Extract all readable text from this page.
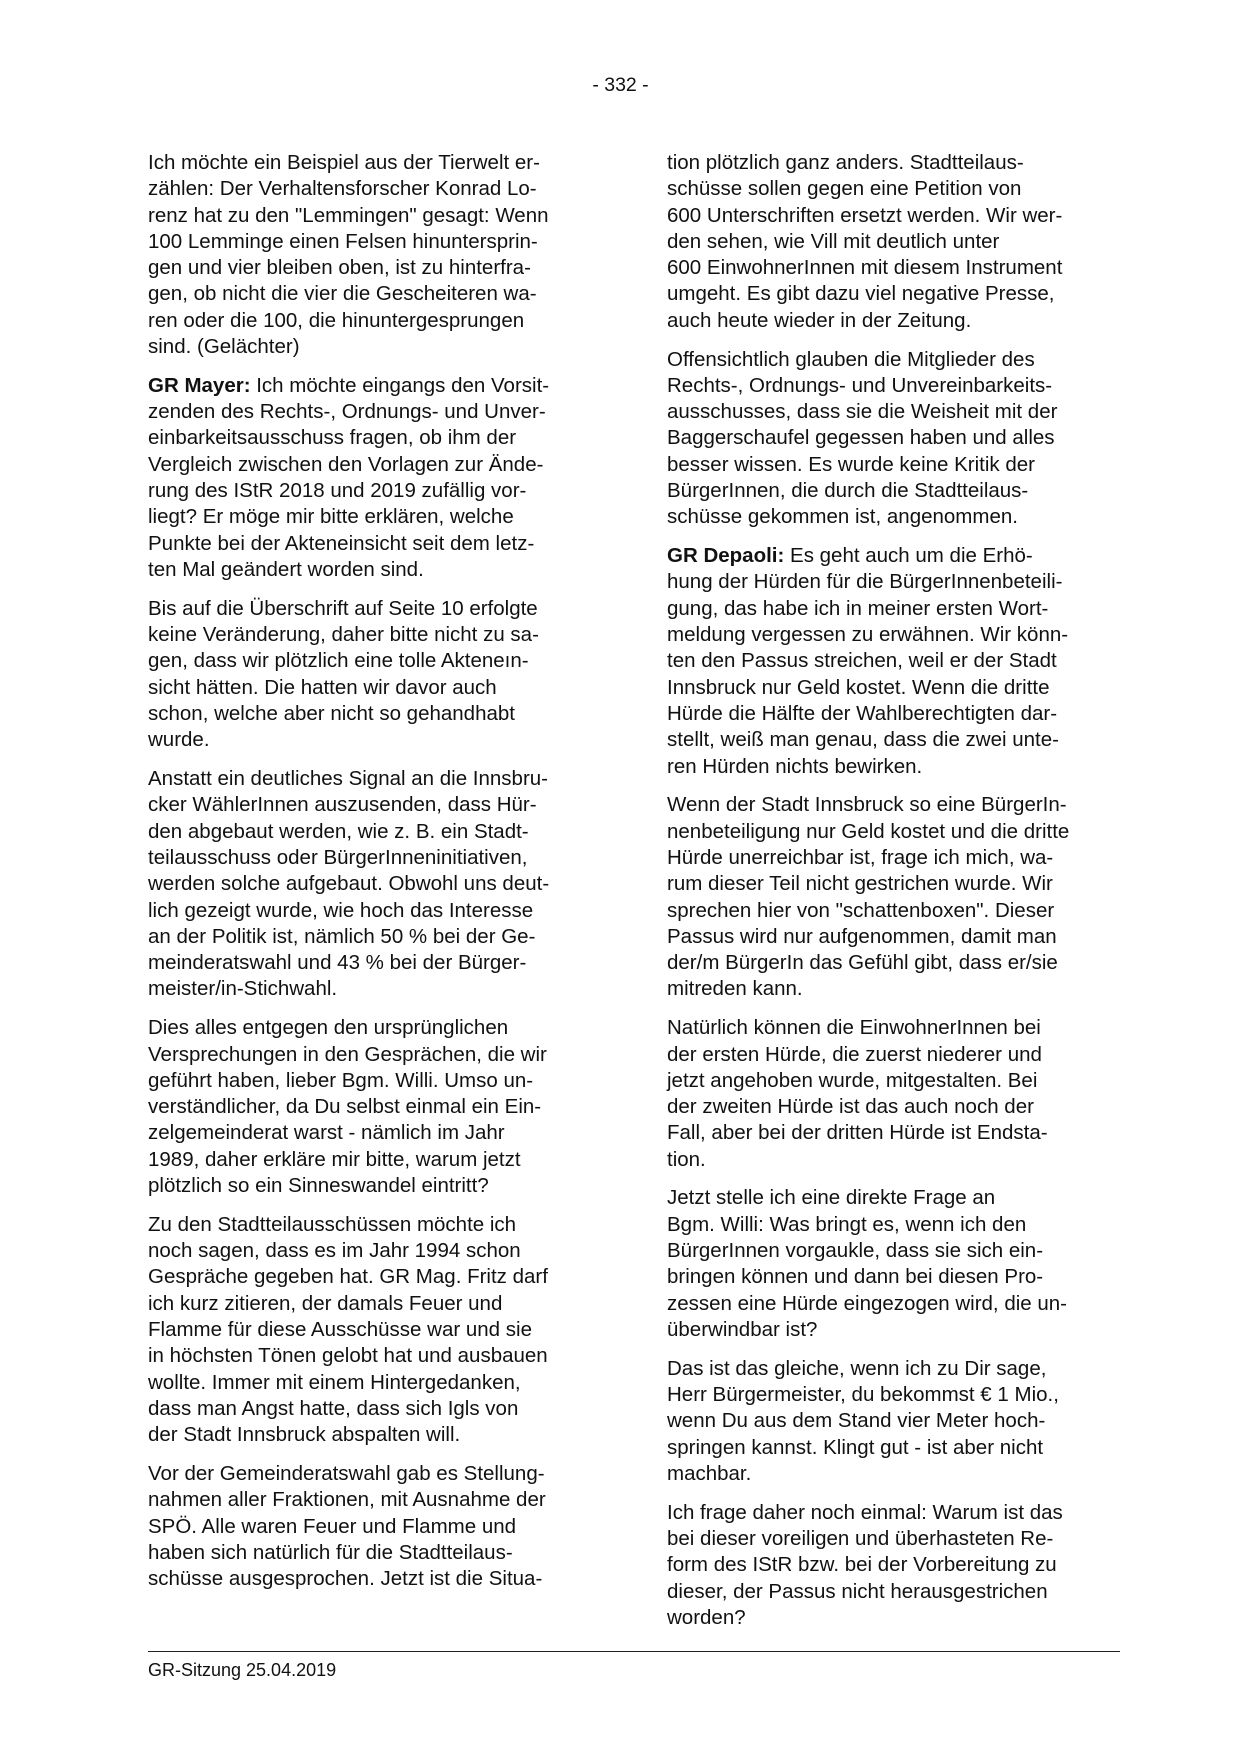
- 332 -

Ich möchte ein Beispiel aus der Tierwelt er-
zählen: Der Verhaltensforscher Konrad Lo-
renz hat zu den "Lemmingen" gesagt: Wenn
100 Lemminge einen Felsen hinuntersprin-
gen und vier bleiben oben, ist zu hinterfra-
gen, ob nicht die vier die Gescheiteren wa-
ren oder die 100, die hinuntergesprungen
sind. (Gelächter)

GR Mayer: Ich möchte eingangs den Vorsit-
zenden des Rechts-, Ordnungs- und Unver-
einbarkeitsausschuss fragen, ob ihm der
Vergleich zwischen den Vorlagen zur Ände-
rung des IStR 2018 und 2019 zufällig vor-
liegt? Er möge mir bitte erklären, welche
Punkte bei der Akteneinsicht seit dem letz-
ten Mal geändert worden sind.

Bis auf die Überschrift auf Seite 10 erfolgte
keine Veränderung, daher bitte nicht zu sa-
gen, dass wir plötzlich eine tolle Akteneın-
sicht hätten. Die hatten wir davor auch
schon, welche aber nicht so gehandhabt
wurde.

Anstatt ein deutliches Signal an die Innsbru-
cker WählerInnen auszusenden, dass Hür-
den abgebaut werden, wie z. B. ein Stadt-
teilausschuss oder BürgerInneninitiativen,
werden solche aufgebaut. Obwohl uns deut-
lich gezeigt wurde, wie hoch das Interesse
an der Politik ist, nämlich 50 % bei der Ge-
meinderatswahl und 43 % bei der Bürger-
meister/in-Stichwahl.

Dies alles entgegen den ursprünglichen
Versprechungen in den Gesprächen, die wir
geführt haben, lieber Bgm. Willi. Umso un-
verständlicher, da Du selbst einmal ein Ein-
zelgemeinderat warst - nämlich im Jahr
1989, daher erkläre mir bitte, warum jetzt
plötzlich so ein Sinneswandel eintritt?

Zu den Stadtteilausschüssen möchte ich
noch sagen, dass es im Jahr 1994 schon
Gespräche gegeben hat. GR Mag. Fritz darf
ich kurz zitieren, der damals Feuer und
Flamme für diese Ausschüsse war und sie
in höchsten Tönen gelobt hat und ausbauen
wollte. Immer mit einem Hintergedanken,
dass man Angst hatte, dass sich Igls von
der Stadt Innsbruck abspalten will.

Vor der Gemeinderatswahl gab es Stellung-
nahmen aller Fraktionen, mit Ausnahme der
SPÖ. Alle waren Feuer und Flamme und
haben sich natürlich für die Stadtteilaus-
schüsse ausgesprochen. Jetzt ist die Situa-

tion plötzlich ganz anders. Stadtteilaus-
schüsse sollen gegen eine Petition von
600 Unterschriften ersetzt werden. Wir wer-
den sehen, wie Vill mit deutlich unter
600 EinwohnerInnen mit diesem Instrument
umgeht. Es gibt dazu viel negative Presse,
auch heute wieder in der Zeitung.

Offensichtlich glauben die Mitglieder des
Rechts-, Ordnungs- und Unvereinbarkeits-
ausschusses, dass sie die Weisheit mit der
Baggerschaufel gegessen haben und alles
besser wissen. Es wurde keine Kritik der
BürgerInnen, die durch die Stadtteilaus-
schüsse gekommen ist, angenommen.

GR Depaoli: Es geht auch um die Erhö-
hung der Hürden für die BürgerInnenbeteili-
gung, das habe ich in meiner ersten Wort-
meldung vergessen zu erwähnen. Wir könn-
ten den Passus streichen, weil er der Stadt
Innsbruck nur Geld kostet. Wenn die dritte
Hürde die Hälfte der Wahlberechtigten dar-
stellt, weiß man genau, dass die zwei unte-
ren Hürden nichts bewirken.

Wenn der Stadt Innsbruck so eine BürgerIn-
nenbeteiligung nur Geld kostet und die dritte
Hürde unerreichbar ist, frage ich mich, wa-
rum dieser Teil nicht gestrichen wurde. Wir
sprechen hier von "schattenboxen". Dieser
Passus wird nur aufgenommen, damit man
der/m BürgerIn das Gefühl gibt, dass er/sie
mitreden kann.

Natürlich können die EinwohnerInnen bei
der ersten Hürde, die zuerst niederer und
jetzt angehoben wurde, mitgestalten. Bei
der zweiten Hürde ist das auch noch der
Fall, aber bei der dritten Hürde ist Endsta-
tion.

Jetzt stelle ich eine direkte Frage an
Bgm. Willi: Was bringt es, wenn ich den
BürgerInnen vorgaukle, dass sie sich ein-
bringen können und dann bei diesen Pro-
zessen eine Hürde eingezogen wird, die un-
überwindbar ist?

Das ist das gleiche, wenn ich zu Dir sage,
Herr Bürgermeister, du bekommst € 1 Mio.,
wenn Du aus dem Stand vier Meter hoch-
springen kannst. Klingt gut - ist aber nicht
machbar.

Ich frage daher noch einmal: Warum ist das
bei dieser voreiligen und überhasteten Re-
form des IStR bzw. bei der Vorbereitung zu
dieser, der Passus nicht herausgestrichen
worden?

GR-Sitzung 25.04.2019
